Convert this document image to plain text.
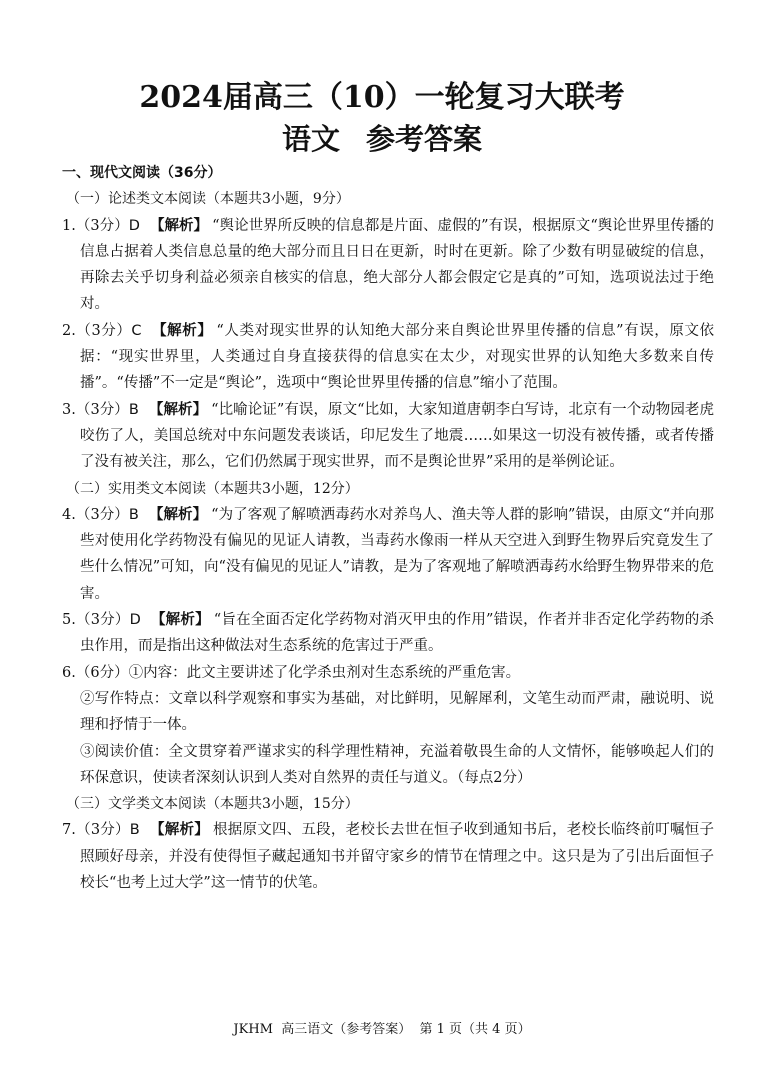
2024届高三（10）一轮复习大联考
语文 参考答案
一、现代文阅读（36分）
（一）论述类文本阅读（本题共3小题，9分）

1.（3分）D 【解析】 “舆论世界所反映的信息都是片面、虚假的”有误，根据原文“舆论世界里传播的信息占据着人类信息总量的绝大部分而且日日在更新，时时在更新。除了少数有明显破绽的信息，再除去关乎切身利益必须亲自核实的信息，绝大部分人都会假定它是真的”可知，选项说法过于绝对。

2.（3分）C 【解析】 “人类对现实世界的认知绝大部分来自舆论世界里传播的信息”有误，原文依据：“现实世界里，人类通过自身直接获得的信息实在太少，对现实世界的认知绝大多数来自传播”。“传播”不一定是“舆论”，选项中“舆论世界里传播的信息”缩小了范围。

3.（3分）B 【解析】 “比喻论证”有误，原文“比如，大家知道唐朝李白写诗，北京有一个动物园老虎咬伤了人，美国总统对中东问题发表谈话，印尼发生了地震……如果这一切没有被传播，或者传播了没有被关注，那么，它们仍然属于现实世界，而不是舆论世界”采用的是举例论证。

（二）实用类文本阅读（本题共3小题，12分）

4.（3分）B 【解析】 “为了客观了解喷洒毒药水对养鸟人、渔夫等人群的影响”错误，由原文“并向那些对使用化学药物没有偏见的见证人请教，当毒药水像雨一样从天空进入到野生物界后究竟发生了些什么情况”可知，向“没有偏见的见证人”请教，是为了客观地了解喷洒毒药水给野生物界带来的危害。

5.（3分）D 【解析】 “旨在全面否定化学药物对消灭甲虫的作用”错误，作者并非否定化学药物的杀虫作用，而是指出这种做法对生态系统的危害过于严重。

6.（6分）①内容：此文主要讲述了化学杀虫剂对生态系统的严重危害。

②写作特点：文章以科学观察和事实为基础，对比鲜明，见解犀利，文笔生动而严肃，融说明、说理和抒情于一体。

③阅读价值：全文贯穿着严谨求实的科学理性精神，充溢着敬畏生命的人文情怀，能够唤起人们的环保意识，使读者深刻认识到人类对自然界的责任与道义。（每点2分）

（三）文学类文本阅读（本题共3小题，15分）

7.（3分）B 【解析】 根据原文四、五段，老校长去世在恒子收到通知书后，老校长临终前叮嘱恒子照顾好母亲，并没有使得恒子藏起通知书并留守家乡的情节在情理之中。这只是为了引出后面恒子校长“也考上过大学”这一情节的伏笔。

JKHM  高三语文（参考答案）  第 1 页（共 4 页）
